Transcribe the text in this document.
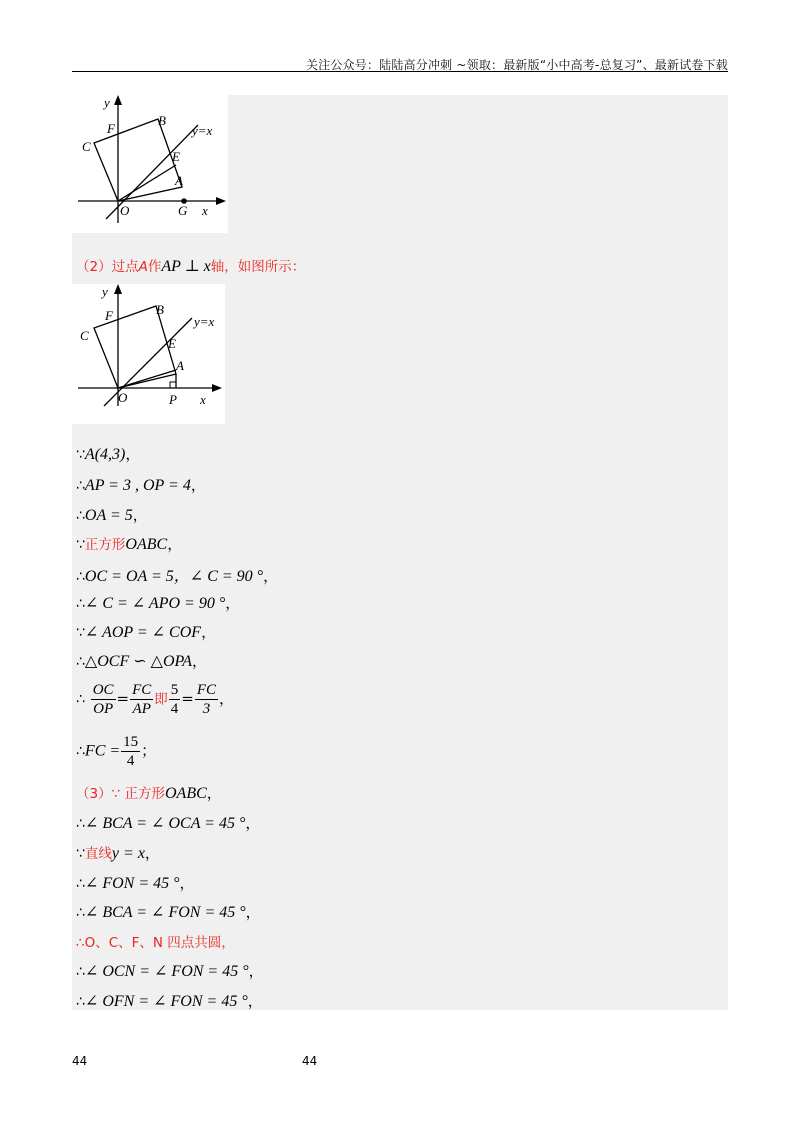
关注公众号：陆陆高分冲刺 ~领取：最新版“小中高考-总复习”、最新试卷下载
y
x
F
B
C
E
A
O	G
y=x
（2）过点A作AP ⊥ x轴，如图所示：
y
x
F	B
C
E
A
O	P
y=x
∵A(4,3)，
∴AP = 3 , OP = 4，
∴OA = 5，
∵正方形OABC，
∴OC = OA = 5，∠ C = 90 °，
∴∠ C = ∠ APO = 90 °，
∵∠ AOP = ∠ COF，
∴△OCF ∽ △OPA，
∴ $\frac{OC}{OP} = \frac{FC}{AP}$ 即 $\frac{5}{4} = \frac{FC}{3}$ ，
∴FC = $\frac{15}{4}$ ；
（3）∵ 正方形OABC，
∴∠ BCA = ∠ OCA = 45 °，
∵直线y = x，
∴∠ FON = 45 °，
∴∠ BCA = ∠ FON = 45 °，
∴O、C、F、N 四点共圆，
∴∠ OCN = ∠ FON = 45 °，
∴∠ OFN = ∠ FON = 45 °，
44	44
